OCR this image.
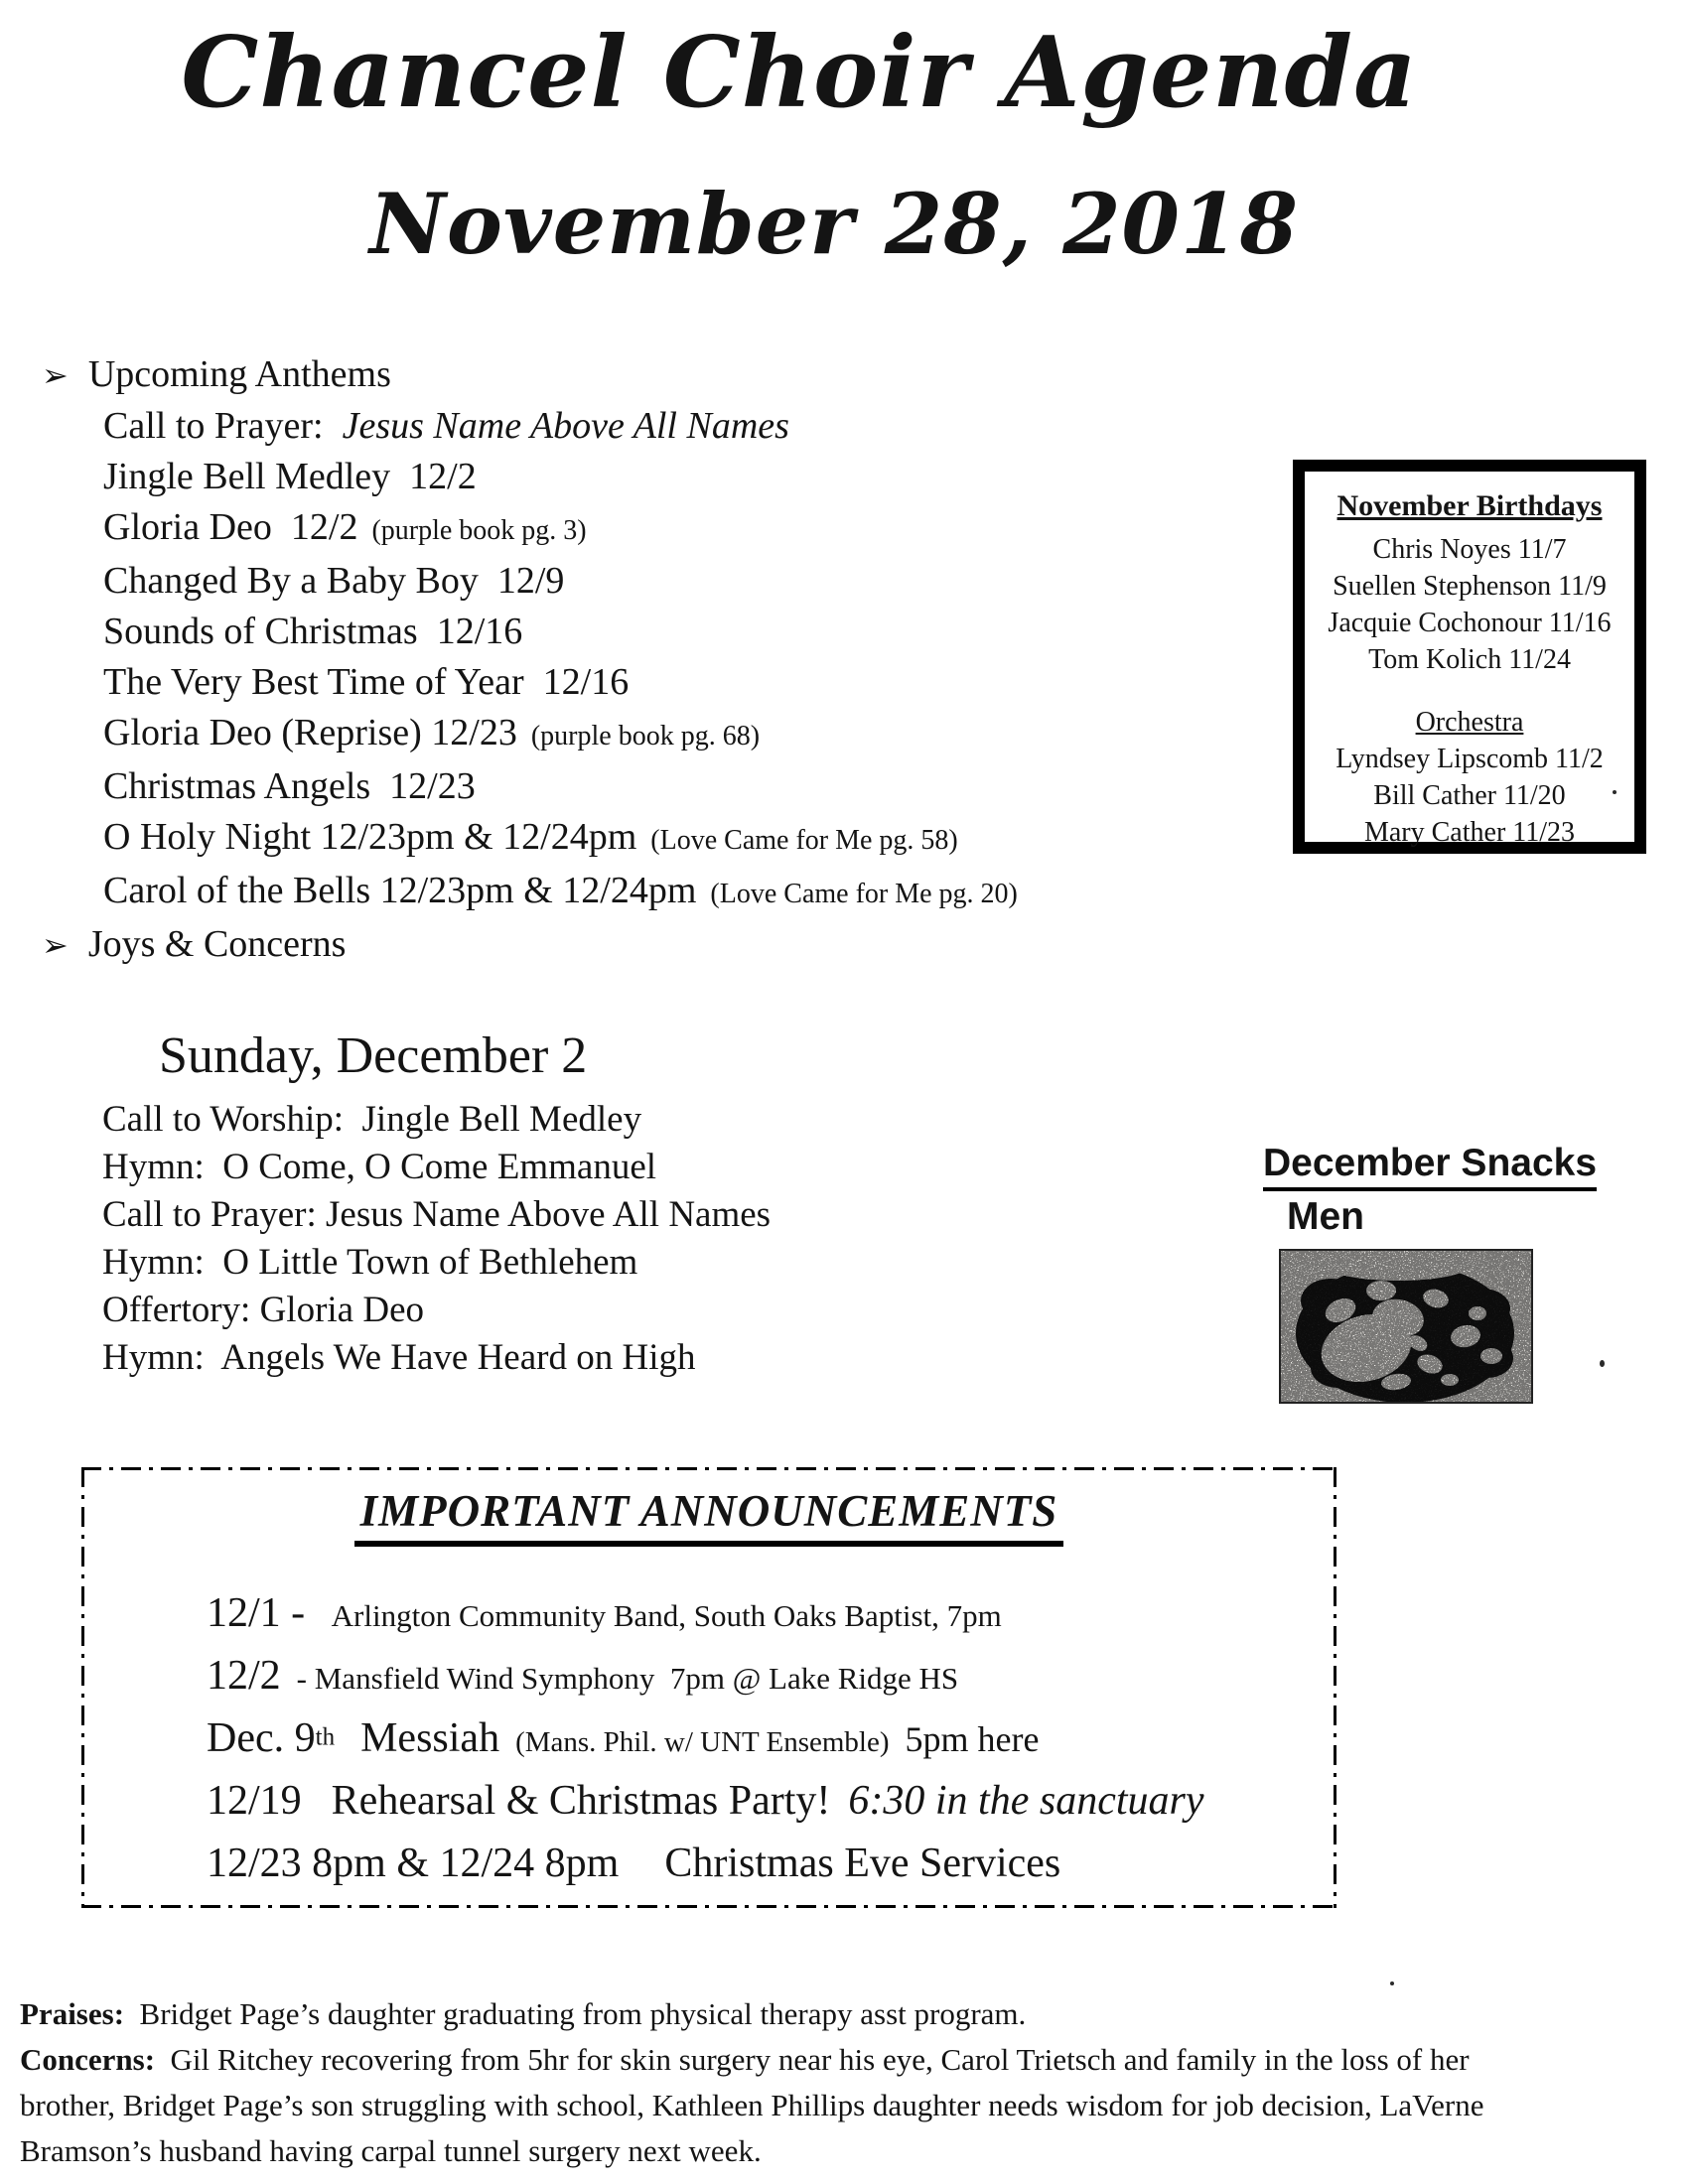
Chancel Choir Agenda
November 28, 2018
➢ Upcoming Anthems
Call to Prayer:  Jesus Name Above All Names
Jingle Bell Medley  12/2
Gloria Deo  12/2 (purple book pg. 3)
Changed By a Baby Boy  12/9
Sounds of Christmas  12/16
The Very Best Time of Year  12/16
Gloria Deo (Reprise) 12/23 (purple book pg. 68)
Christmas Angels  12/23
O Holy Night 12/23pm & 12/24pm (Love Came for Me pg. 58)
Carol of the Bells 12/23pm & 12/24pm (Love Came for Me pg. 20)
➢ Joys & Concerns
November Birthdays
Chris Noyes 11/7
Suellen Stephenson 11/9
Jacquie Cochonour 11/16
Tom Kolich 11/24
Orchestra
Lyndsey Lipscomb 11/2
Bill Cather 11/20
Mary Cather 11/23
Sunday, December 2
Call to Worship:  Jingle Bell Medley
Hymn:  O Come, O Come Emmanuel
Call to Prayer: Jesus Name Above All Names
Hymn:  O Little Town of Bethlehem
Offertory: Gloria Deo
Hymn:  Angels We Have Heard on High
December Snacks
Men
IMPORTANT ANNOUNCEMENTS
12/1 - Arlington Community Band, South Oaks Baptist, 7pm
12/2 - Mansfield Wind Symphony  7pm @ Lake Ridge HS
Dec. 9th Messiah (Mans. Phil. w/ UNT Ensemble) 5pm here
12/19 Rehearsal & Christmas Party! 6:30 in the sanctuary
12/23 8pm & 12/24 8pm Christmas Eve Services
Praises: Bridget Page’s daughter graduating from physical therapy asst program.
Concerns: Gil Ritchey recovering from 5hr for skin surgery near his eye, Carol Trietsch and family in the loss of her
brother, Bridget Page’s son struggling with school, Kathleen Phillips daughter needs wisdom for job decision, LaVerne
Bramson’s husband having carpal tunnel surgery next week.
